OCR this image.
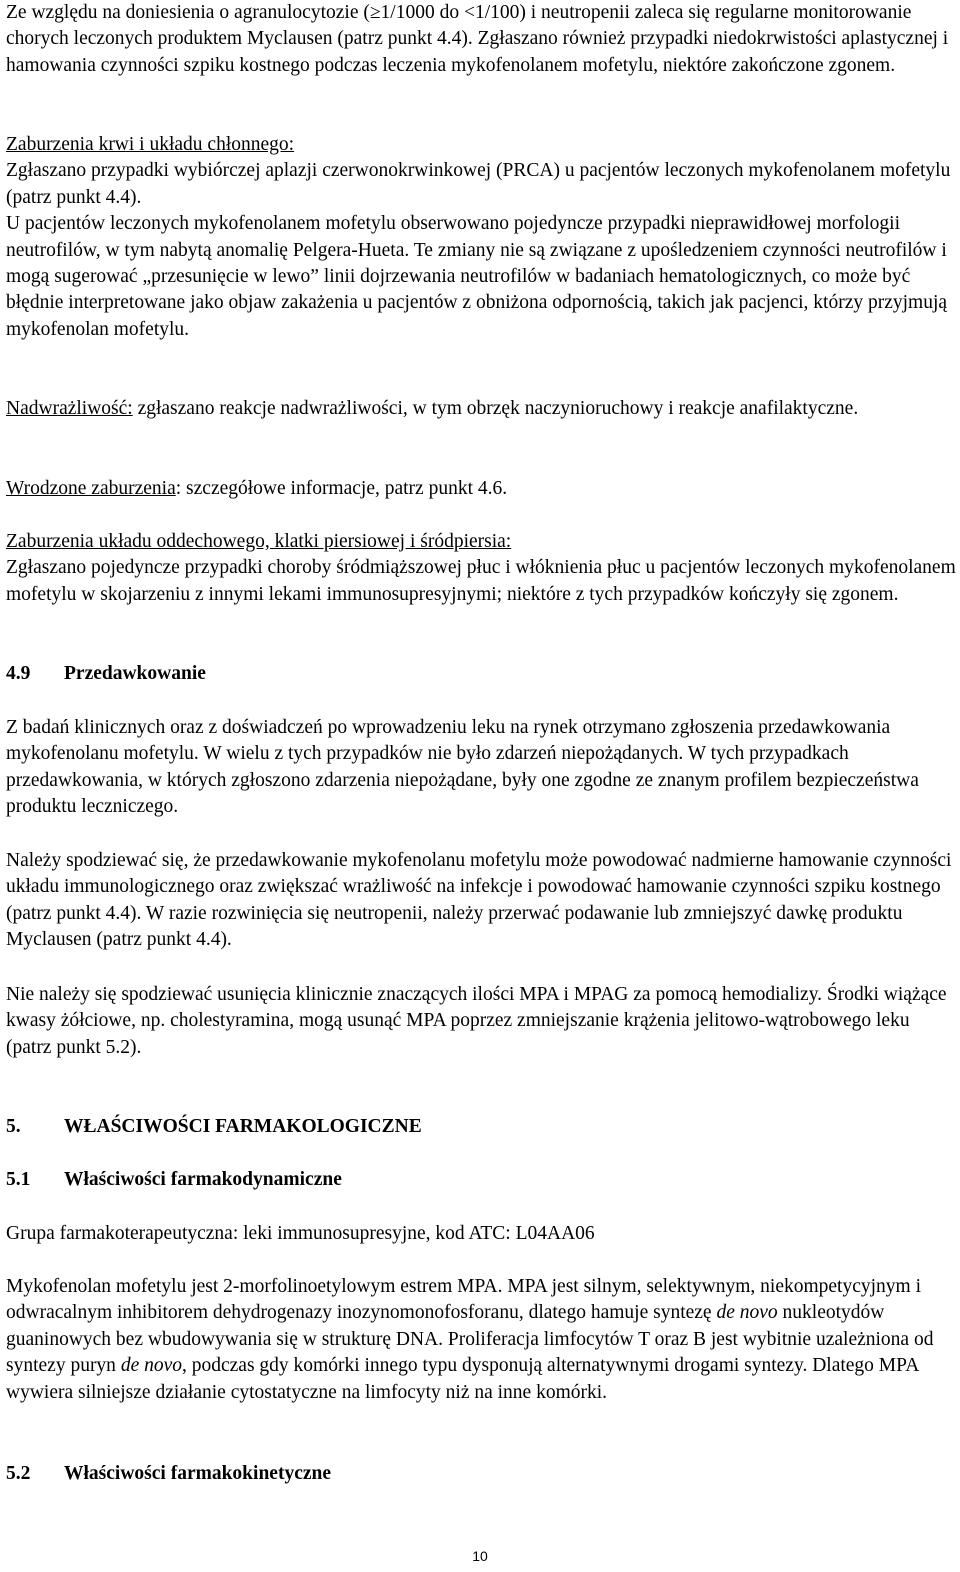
Ze względu na doniesienia o agranulocytozie (≥1/1000 do <1/100) i neutropenii zaleca się regularne monitorowanie chorych leczonych produktem Myclausen (patrz punkt 4.4). Zgłaszano również przypadki niedokrwistości aplastycznej i hamowania czynności szpiku kostnego podczas leczenia mykofenolanem mofetylu, niektóre zakończone zgonem.

Zaburzenia krwi i układu chłonnego:

Zgłaszano przypadki wybiórczej aplazji czerwonokrwinkowej (PRCA) u pacjentów leczonych mykofenolanem mofetylu (patrz punkt 4.4).

U pacjentów leczonych mykofenolanem mofetylu obserwowano pojedyncze przypadki nieprawidłowej morfologii neutrofilów, w tym nabytą anomalię Pelgera-Hueta. Te zmiany nie są związane z upośledzeniem czynności neutrofilów i mogą sugerować „przesunięcie w lewo” linii dojrzewania neutrofilów w badaniach hematologicznych, co może być błędnie interpretowane jako objaw zakażenia u pacjentów z obniżona odpornością, takich jak pacjenci, którzy przyjmują mykofenolan mofetylu.

Nadwrażliwość: zgłaszano reakcje nadwrażliwości, w tym obrzęk naczynioruchowy i reakcje anafilaktyczne.

Wrodzone zaburzenia: szczegółowe informacje, patrz punkt 4.6.

Zaburzenia układu oddechowego, klatki piersiowej i śródpiersia:

Zgłaszano pojedyncze przypadki choroby śródmiąższowej płuc i włóknienia płuc u pacjentów leczonych mykofenolanem mofetylu w skojarzeniu z innymi lekami immunosupresyjnymi; niektóre z tych przypadków kończyły się zgonem.

4.9 Przedawkowanie

Z badań klinicznych oraz z doświadczeń po wprowadzeniu leku na rynek otrzymano zgłoszenia przedawkowania mykofenolanu mofetylu. W wielu z tych przypadków nie było zdarzeń niepożądanych. W tych przypadkach przedawkowania, w których zgłoszono zdarzenia niepożądane, były one zgodne ze znanym profilem bezpieczeństwa produktu leczniczego.

Należy spodziewać się, że przedawkowanie mykofenolanu mofetylu może powodować nadmierne hamowanie czynności układu immunologicznego oraz zwiększać wrażliwość na infekcje i powodować hamowanie czynności szpiku kostnego (patrz punkt 4.4). W razie rozwinięcia się neutropenii, należy przerwać podawanie lub zmniejszyć dawkę produktu Myclausen (patrz punkt 4.4).

Nie należy się spodziewać usunięcia klinicznie znaczących ilości MPA i MPAG za pomocą hemodializy. Środki wiążące kwasy żółciowe, np. cholestyramina, mogą usunąć MPA poprzez zmniejszanie krążenia jelitowo-wątrobowego leku (patrz punkt 5.2).

5. WŁAŚCIWOŚCI FARMAKOLOGICZNE

5.1 Właściwości farmakodynamiczne

Grupa farmakoterapeutyczna: leki immunosupresyjne, kod ATC: L04AA06

Mykofenolan mofetylu jest 2-morfolinoetylowym estrem MPA. MPA jest silnym, selektywnym, niekompetycyjnym i odwracalnym inhibitorem dehydrogenazy inozynomonofosforanu, dlatego hamuje syntezę de novo nukleotydów guaninowych bez wbudowywania się w strukturę DNA. Proliferacja limfocytów T oraz B jest wybitnie uzależniona od syntezy puryn de novo, podczas gdy komórki innego typu dysponują alternatywnymi drogami syntezy. Dlatego MPA wywiera silniejsze działanie cytostatyczne na limfocyty niż na inne komórki.

5.2 Właściwości farmakokinetyczne

10
